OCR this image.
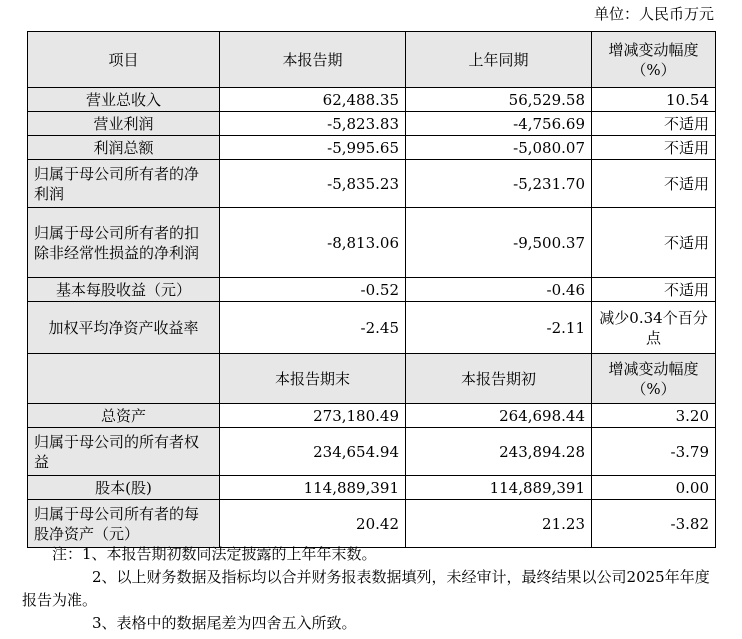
单位：人民币万元
项目	本报告期	上年同期	增减变动幅度
（%）
营业总收入	62,488.35	56,529.58	10.54
营业利润	-5,823.83	-4,756.69	不适用
利润总额	-5,995.65	-5,080.07	不适用
归属于母公司所有者的净利润	-5,835.23	-5,231.70	不适用
归属于母公司所有者的扣除非经常性损益的净利润	-8,813.06	-9,500.37	不适用
基本每股收益（元）	-0.52	-0.46	不适用
加权平均净资产收益率	-2.45	-2.11	减少0.34个百分点
	本报告期末	本报告期初	增减变动幅度
（%）
总资产	273,180.49	264,698.44	3.20
归属于母公司的所有者权益	234,654.94	243,894.28	-3.79
股本(股)	114,889,391	114,889,391	0.00
归属于母公司所有者的每股净资产（元）	20.42	21.23	-3.82

注：1、本报告期初数同法定披露的上年年末数。

2、以上财务数据及指标均以合并财务报表数据填列，未经审计，最终结果以公司2025年年度报告为准。

3、表格中的数据尾差为四舍五入所致。
